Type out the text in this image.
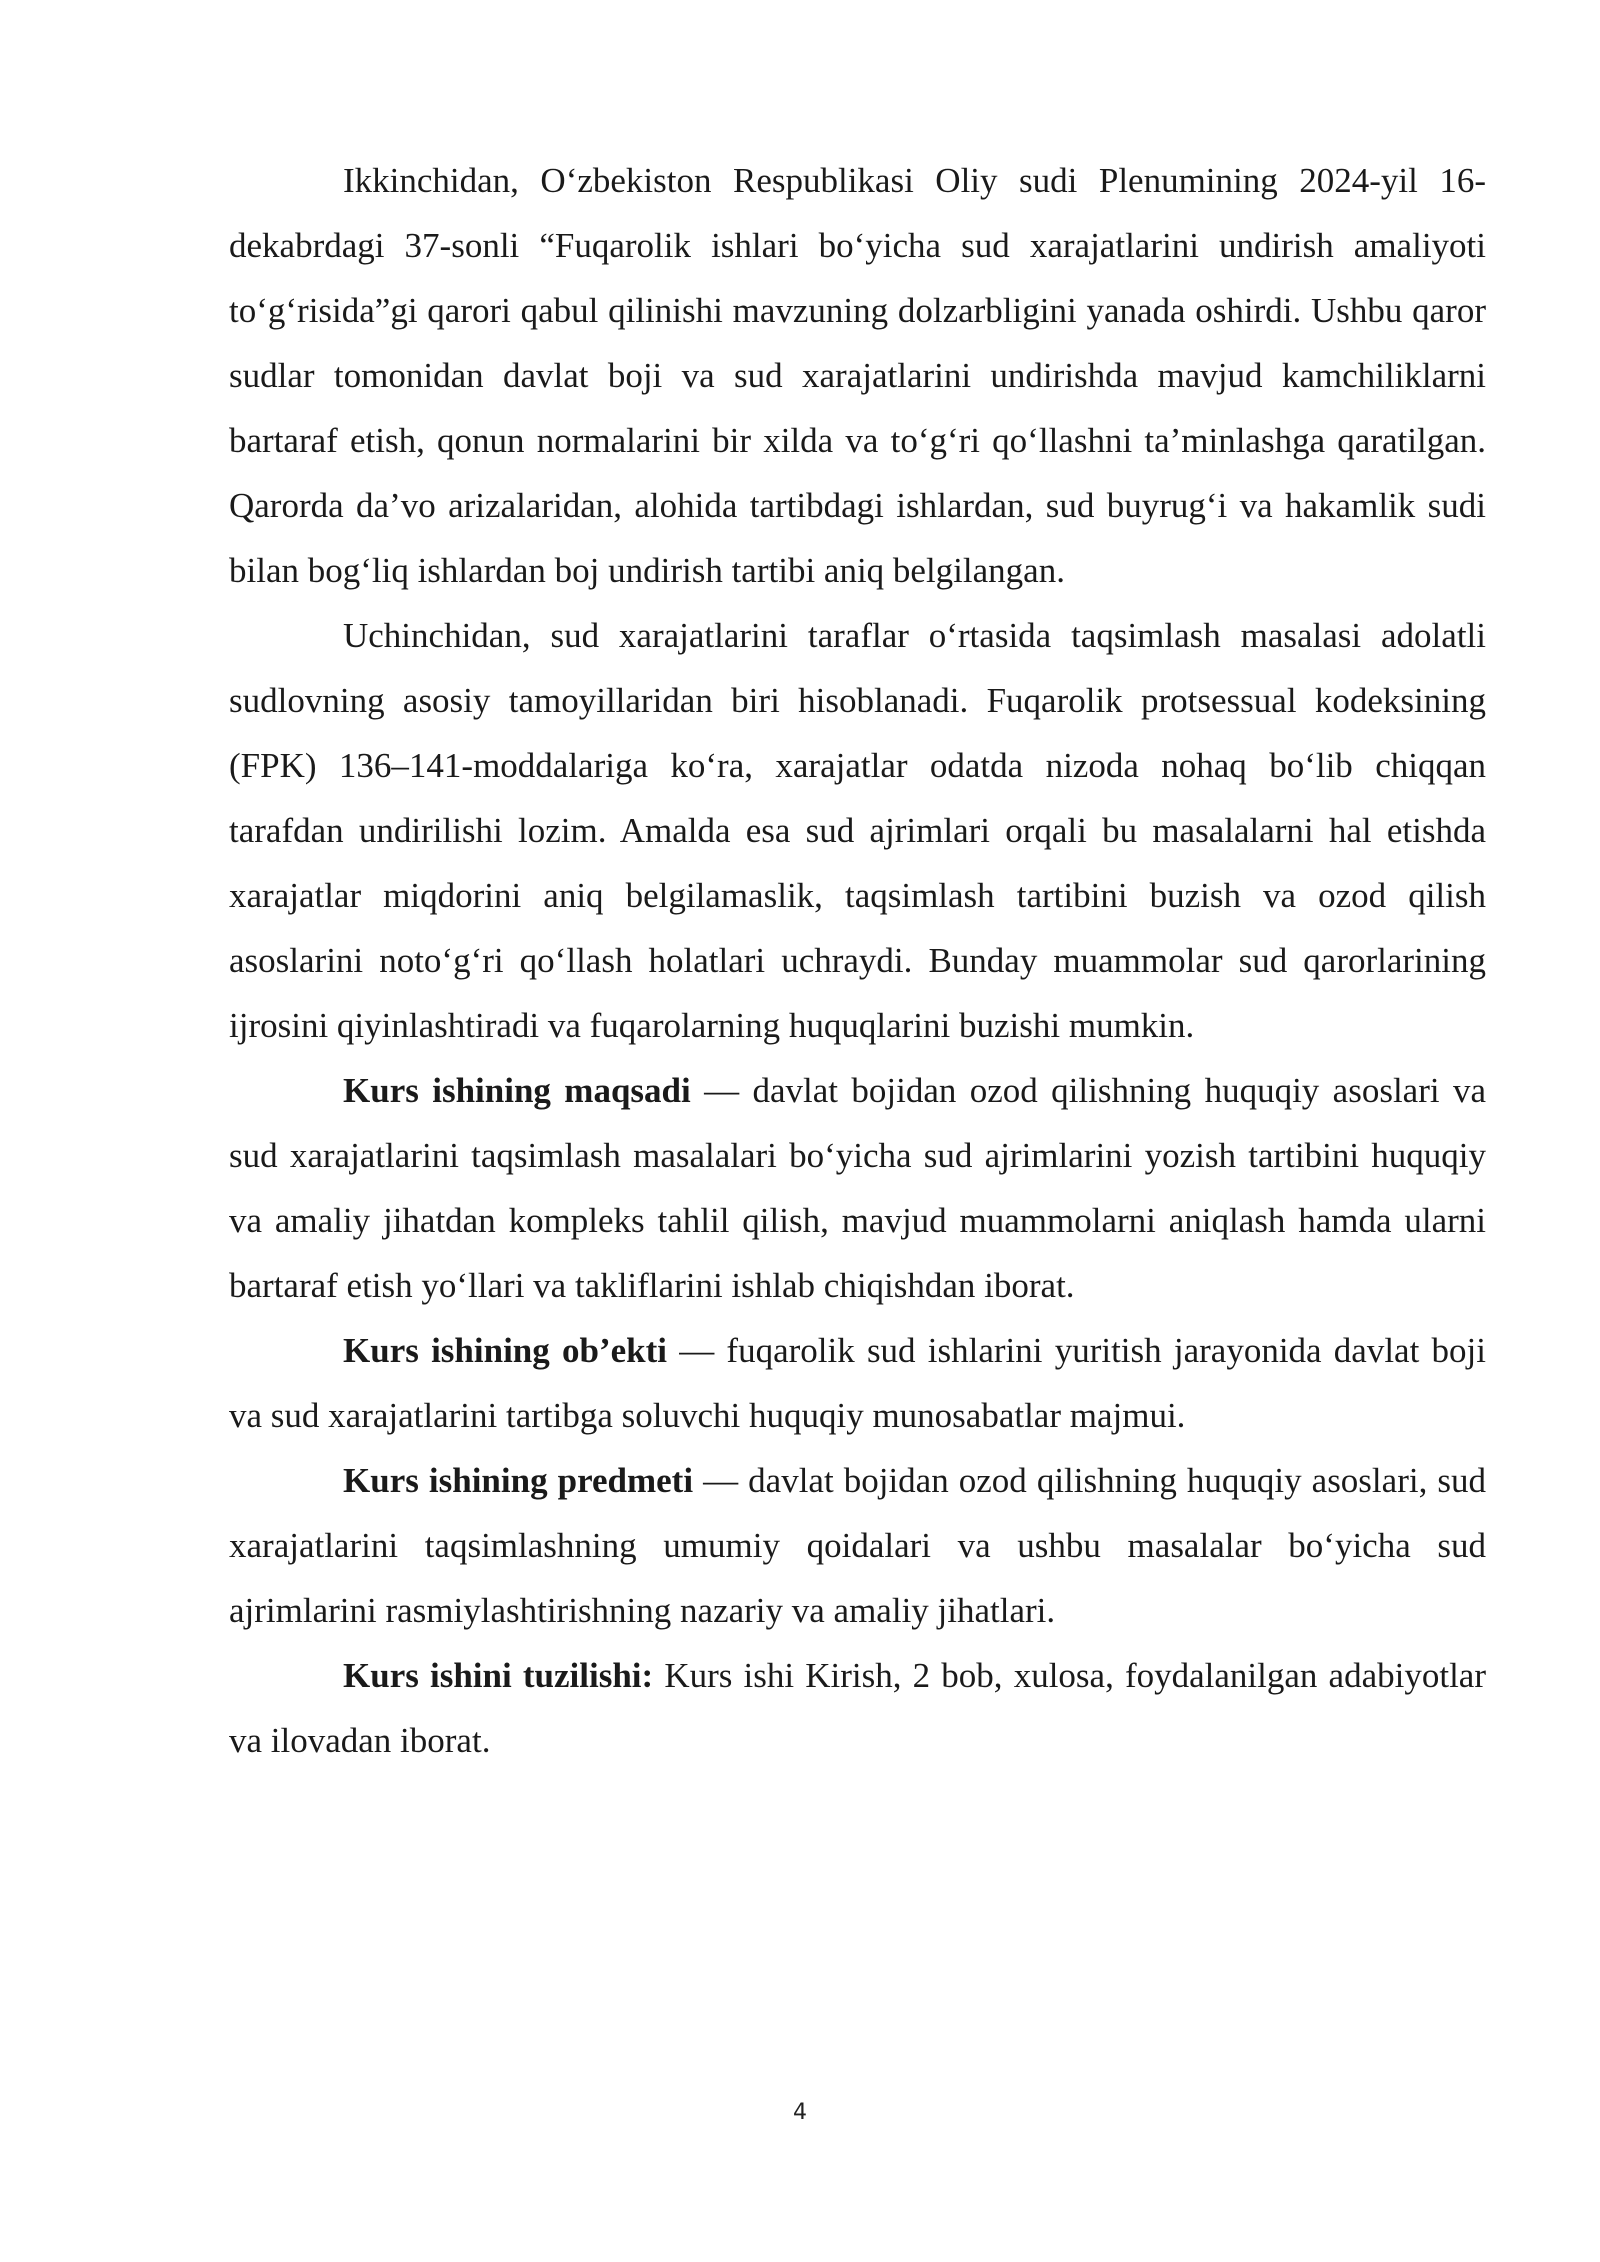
Ikkinchidan, O‘zbekiston Respublikasi Oliy sudi Plenumining 2024-yil 16-dekabrdagi 37-sonli “Fuqarolik ishlari bo‘yicha sud xarajatlarini undirish amaliyoti to‘g‘risida”gi qarori qabul qilinishi mavzuning dolzarbligini yanada oshirdi. Ushbu qaror sudlar tomonidan davlat boji va sud xarajatlarini undirishda mavjud kamchiliklarni bartaraf etish, qonun normalarini bir xilda va to‘g‘ri qo‘llashni ta’minlashga qaratilgan. Qarorda da’vo arizalaridan, alohida tartibdagi ishlardan, sud buyrug‘i va hakamlik sudi bilan bog‘liq ishlardan boj undirish tartibi aniq belgilangan.

Uchinchidan, sud xarajatlarini taraflar o‘rtasida taqsimlash masalasi adolatli sudlovning asosiy tamoyillaridan biri hisoblanadi. Fuqarolik protsessual kodeksining (FPK) 136–141-moddalariga ko‘ra, xarajatlar odatda nizoda nohaq bo‘lib chiqqan tarafdan undirilishi lozim. Amalda esa sud ajrimlari orqali bu masalalarni hal etishda xarajatlar miqdorini aniq belgilamaslik, taqsimlash tartibini buzish va ozod qilish asoslarini noto‘g‘ri qo‘llash holatlari uchraydi. Bunday muammolar sud qarorlarining ijrosini qiyinlashtiradi va fuqarolarning huquqlarini buzishi mumkin.

Kurs ishining maqsadi — davlat bojidan ozod qilishning huquqiy asoslari va sud xarajatlarini taqsimlash masalalari bo‘yicha sud ajrimlarini yozish tartibini huquqiy va amaliy jihatdan kompleks tahlil qilish, mavjud muammolarni aniqlash hamda ularni bartaraf etish yo‘llari va takliflarini ishlab chiqishdan iborat.

Kurs ishining ob’ekti — fuqarolik sud ishlarini yuritish jarayonida davlat boji va sud xarajatlarini tartibga soluvchi huquqiy munosabatlar majmui.

Kurs ishining predmeti — davlat bojidan ozod qilishning huquqiy asoslari, sud xarajatlarini taqsimlashning umumiy qoidalari va ushbu masalalar bo‘yicha sud ajrimlarini rasmiylashtirishning nazariy va amaliy jihatlari.

Kurs ishini tuzilishi: Kurs ishi Kirish, 2 bob, xulosa, foydalanilgan adabiyotlar va ilovadan iborat.

4
